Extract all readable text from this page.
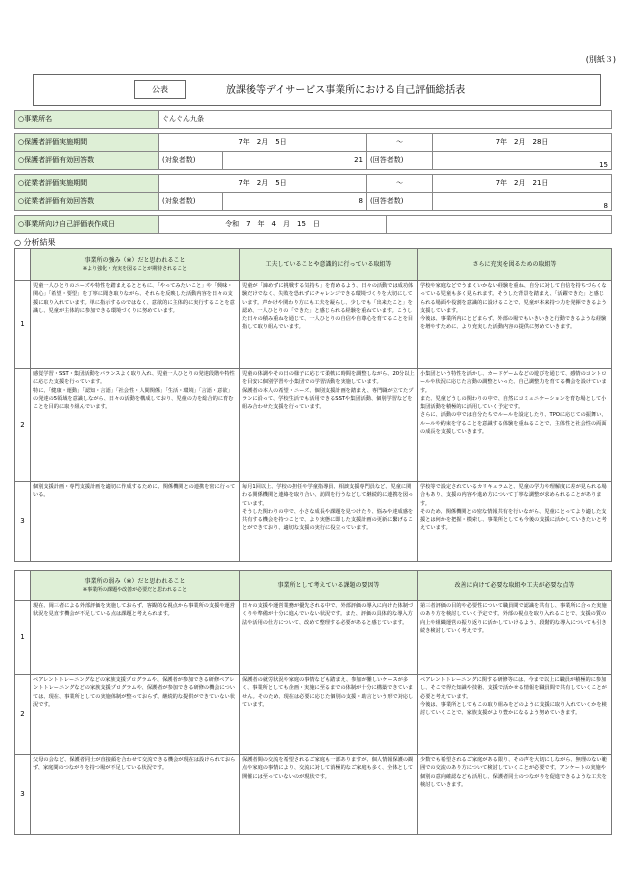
(別紙３)
公表	放課後等デイサービス事業所における自己評価総括表
○事業所名	ぐんぐん九条				

○保護者評価実施期間	7年　2月　5日		～		7年　2月　28日
○保護者評価有効回答数	(対象者数)	21	(回答者数)		15

○従業者評価実施期間	7年　2月　5日		～		7年　2月　21日
○従業者評価有効回答数	(対象者数)	8	(回答者数)		8

○事業所向け自己評価表作成日	令和　7　年　4　月　15　日				
○ 分析結果

	事業所の強み（※）だと思われること
※より強化・充実を図ることが期待されること	工夫していることや意識的に行っている取組等	さらに充実を図るための取組等
1	児童一人ひとりのニーズや特性を踏まえるとともに、「やってみたいこと」や「興味・関心」「希望・要望」を丁寧に聞き取りながら、それらを反映した活動内容を日々の支援に取り入れています。単に指示するのではなく、意欲的に主体的に実行することを意識し、児童が主体的に参加できる環境づくりに努めています。	児童が「諦めずに挑戦する気持ち」を育めるよう、日々の活動では成功体験だけでなく、失敗を恐れずにチャレンジできる環境づくりを大切にしています。声かけや関わり方にも工夫を凝らし、少しでも「出来たこと」を認め、一人ひとりの「できた」と感じられる経験を重ねています。こうした日々の積み重ねを通じて、一人ひとりの自信や自尊心を育てることを目指して取り組んでいます。	学校や家庭などでうまくいかない経験を重ね、自分に対して自信を持ちづらくなっている児童も多く見られます。そうした背景を踏まえ、「活躍できた」と感じられる場面や役割を意識的に設けることで、児童が本来持つ力を発揮できるよう支援しています。
今後は、事業所内にとどまらず、外部の場でもいきいきと行動できるような経験を増やすために、より充実した活動内容の提供に努めていきます。

2	感覚学習・SST・集団活動をバランスよく取り入れ、児童一人ひとりの発達段階や特性に応じた支援を行っています。
特に、「健康・運動」「認知・言語」「社会性・人間関係」「生活・環境」「言語・意欲」の発達の5領域を意識しながら、日々の活動を構成しており、児童の力を総合的に育むことを目的に取り組んでいます。	児童の体調やその日の様子に応じて柔軟に時間を調整しながら、20分以上を目安に個別学習や小集団での学習活動を実施しています。
保護者の本人の希望・ニーズ、個別支援計画を踏まえ、専門職が立てたプランに沿って、学校生活でも活用できるSSTや集団活動、個別学習などを組み合わせた支援を行っています。	小集団という特性を活かし、カードゲームなどの遊びを通じて、感情のコントロールや状況に応じた言動の調整といった、自己調整力を育てる機会を設けています。
また、児童どうしの関わりの中で、自然にコミュニケーションを育む場として小集団活動を積極的に活用していく予定です。
さらに、活動の中では自分たちでルールを設定したり、TPOに応じての振舞い、ルールや約束を守ることを意識する体験を重ねることで、主体性と社会性の両面の成長を支援していきます。

3	個別支援計画・専門支援計画を適切に作成するために、関係機関との連携を密に行っている。	毎月1回以上、学校の担任や学童指導員、相談支援専門員など、児童に関わる関係機関と連絡を取り合い、訪問を行うなどして継続的に連携を図っています。
そうした関わりの中で、小さな成長や課題を見つけたり、悩みや達成感を共有する機会を持つことで、より実態に即した支援計画の更新に繋げることができており、適切な支援の実行に役立っています。	学校等で設定されているカリキュラムと、児童の学力や理解度に差が見られる場合もあり、支援の内容や進め方について丁寧な調整が求められることがあります。
そのため、関係機関との密な情報共有を行いながら、児童にとってより適した支援とは何かを把握・模索し、事業所としても今後の支援に活かしていきたいと考えています。

	事業所の弱み（※）だと思われること
※事業所の課題や改善が必要だと思われること	事業所として考えている課題の要因等	改善に向けて必要な取組や工夫が必要な点等
1	現在、岡三者による外部評価を実施しておらず、客観的な視点から事業所の支援や運営状況を見直す機会が不足している点は課題と考えられます。	日々の支援や運営業務が優先される中で、外部評価の導入に向けた体制づくりや準備が十分に進んでいない状況です。また、評価の具体的な導入方法や活用の仕方について、改めて整理する必要があると感じています。	第三者評価の目的や必要性について職員間で認識を共有し、事業所に合った実施のあり方を検討していく予定です。外部の視点を取り入れることで、支援の質の向上や組織運営の振り返りに活かしていけるよう、段階的な導入についても引き続き検討していく考えです。
2	ペアレントトレーニングなどの家族支援プログラムや、保護者が参加できる研修ペアレントトレーニングなどの家族支援プログラムや、保護者が参加できる研修の機会については、現在、事業所としての実施体制が整っておらず、継続的な提供ができていない状況です。	保護者の就労状況や家庭の事情なども踏まえ、参加が難しいケースが多く、事業所としても企画・実施に至るまでの体制が十分に構築できていません。そのため、現在は必要に応じた個別の支援・助言という形で対応しています。	ペアレントトレーニングに関する研修等には、今まで以上に職員が積極的に参加し、そこで得た知識や技術、支援で活かせる情報を職員間で共有していくことが必要と考えています。
今後は、事業所としてもこの取り組みをどのように支援に取り入れていくかを検討していくことで、家族支援がより豊かになるよう努めていきます。

3	父母の会など、保護者同士が直接顔を合わせて交流できる機会が現在は設けられておらず、家庭間のつながりを持つ場が不足している状況です。	保護者間の交流を希望されるご家庭も一部ありますが、個人情報保護の観点や家庭の事情により、交流に対して消極的なご家庭も多く、全体として開催には至っていないのが現状です。	少数でも希望されるご家庭がある限り、その声を大切にしながら、無理のない範囲での交流のあり方について検討していくことが必要です。アンケートの実施や個別の意向確認なども活用し、保護者同士のつながりを促進できるような工夫を検討していきます。
